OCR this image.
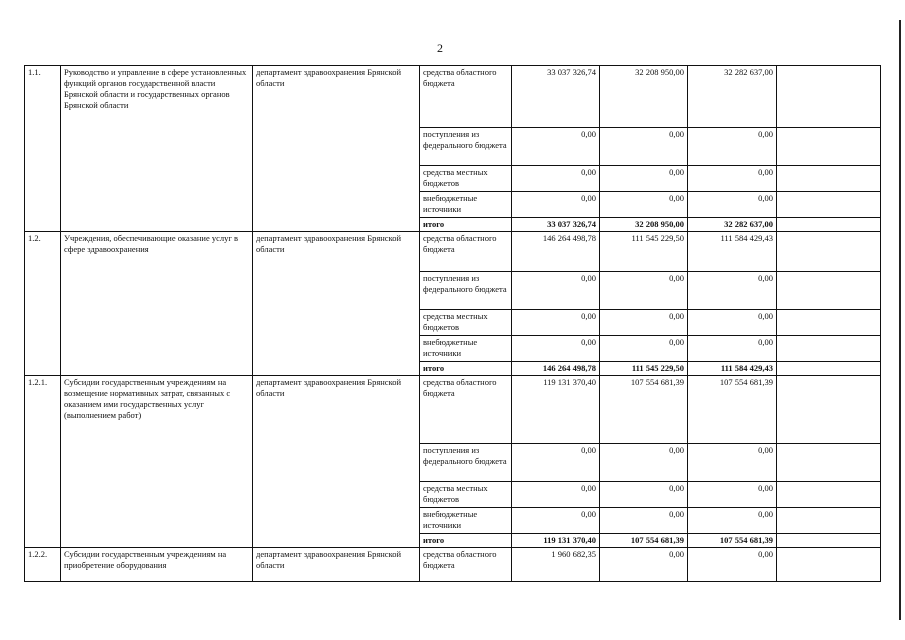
2
1.1.	Руководство и управление в сфере установленных функций органов государственной власти Брянской области и государственных органов Брянской области	департамент здравоохранения Брянской области	средства областного бюджета	33 037 326,74	32 208 950,00	32 282 637,00	
			поступления из федерального бюджета	0,00	0,00	0,00	
			средства местных бюджетов	0,00	0,00	0,00	
			внебюджетные источники	0,00	0,00	0,00	
			итого	33 037 326,74	32 208 950,00	32 282 637,00	
1.2.	Учреждения, обеспечивающие оказание услуг в сфере здравоохранения	департамент здравоохранения Брянской области	средства областного бюджета	146 264 498,78	111 545 229,50	111 584 429,43	
			поступления из федерального бюджета	0,00	0,00	0,00	
			средства местных бюджетов	0,00	0,00	0,00	
			внебюджетные источники	0,00	0,00	0,00	
			итого	146 264 498,78	111 545 229,50	111 584 429,43	
1.2.1.	Субсидии государственным учреждениям на возмещение нормативных затрат, связанных с оказанием ими государственных услуг (выполнением работ)	департамент здравоохранения Брянской области	средства областного бюджета	119 131 370,40	107 554 681,39	107 554 681,39	
			поступления из федерального бюджета	0,00	0,00	0,00	
			средства местных бюджетов	0,00	0,00	0,00	
			внебюджетные источники	0,00	0,00	0,00	
			итого	119 131 370,40	107 554 681,39	107 554 681,39	
1.2.2.	Субсидии государственным учреждениям на приобретение оборудования	департамент здравоохранения Брянской области	средства областного бюджета	1 960 682,35	0,00	0,00	
